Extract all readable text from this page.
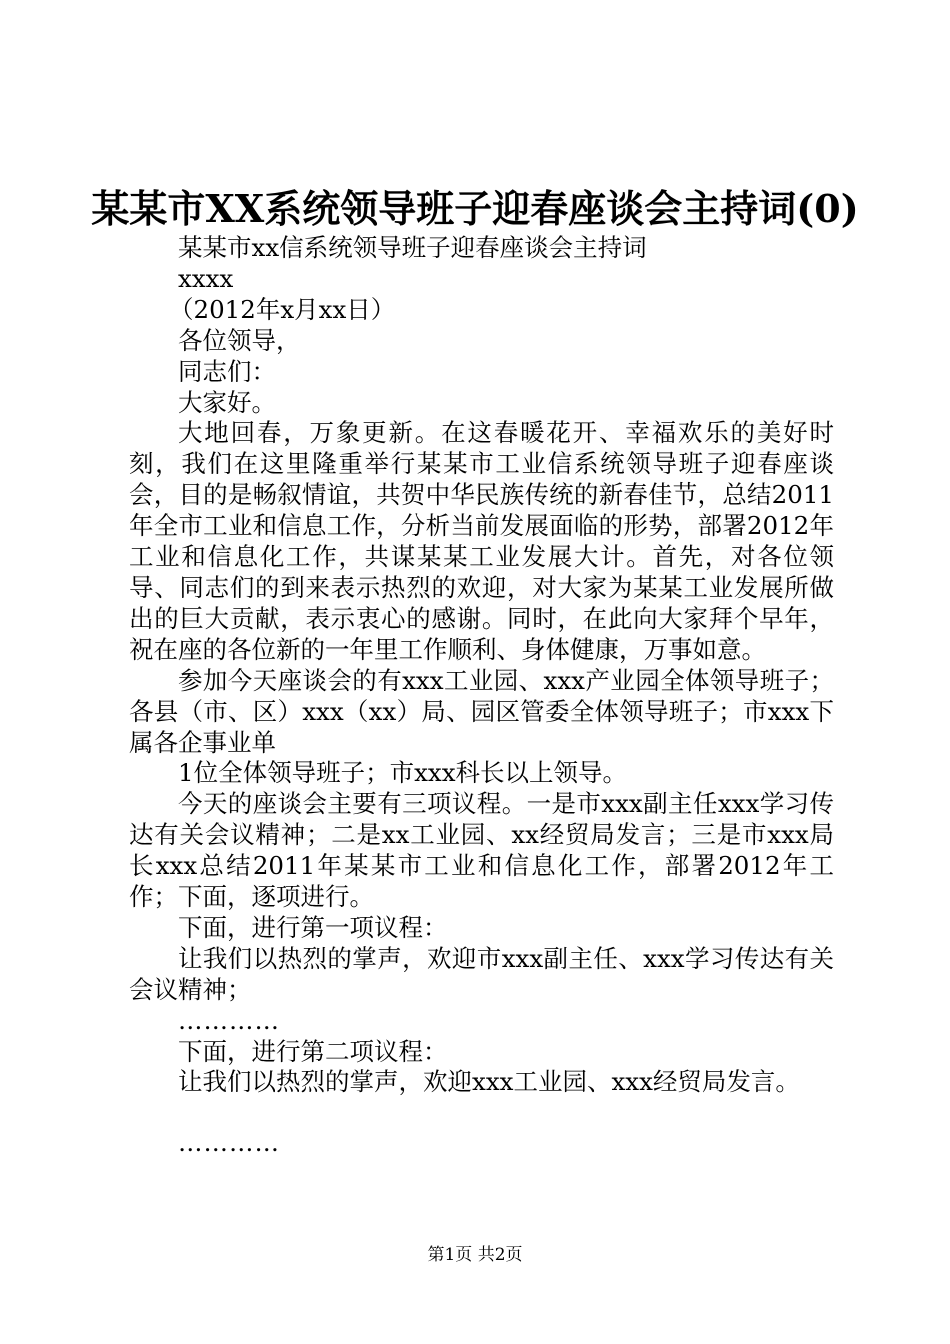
某某市XX系统领导班子迎春座谈会主持词(0)

某某市xx信系统领导班子迎春座谈会主持词

xxxx

（2012年x月xx日）

各位领导，

同志们：

大家好。

大地回春，万象更新。在这春暖花开、幸福欢乐的美好时刻，我们在这里隆重举行某某市工业信系统领导班子迎春座谈会，目的是畅叙情谊，共贺中华民族传统的新春佳节，总结2011年全市工业和信息工作，分析当前发展面临的形势，部署2012年工业和信息化工作，共谋某某工业发展大计。首先，对各位领导、同志们的到来表示热烈的欢迎，对大家为某某工业发展所做出的巨大贡献，表示衷心的感谢。同时，在此向大家拜个早年，祝在座的各位新的一年里工作顺利、身体健康，万事如意。

参加今天座谈会的有xxx工业园、xxx产业园全体领导班子；各县（市、区）xxx（xx）局、园区管委全体领导班子；市xxx下属各企事业单

1位全体领导班子；市xxx科长以上领导。

今天的座谈会主要有三项议程。一是市xxx副主任xxx学习传达有关会议精神；二是xx工业园、xx经贸局发言；三是市xxx局长xxx总结2011年某某市工业和信息化工作，部署2012年工作；下面，逐项进行。

下面，进行第一项议程：

让我们以热烈的掌声，欢迎市xxx副主任、xxx学习传达有关会议精神；

…………

下面，进行第二项议程：

让我们以热烈的掌声，欢迎xxx工业园、xxx经贸局发言。

…………

第1页 共2页
